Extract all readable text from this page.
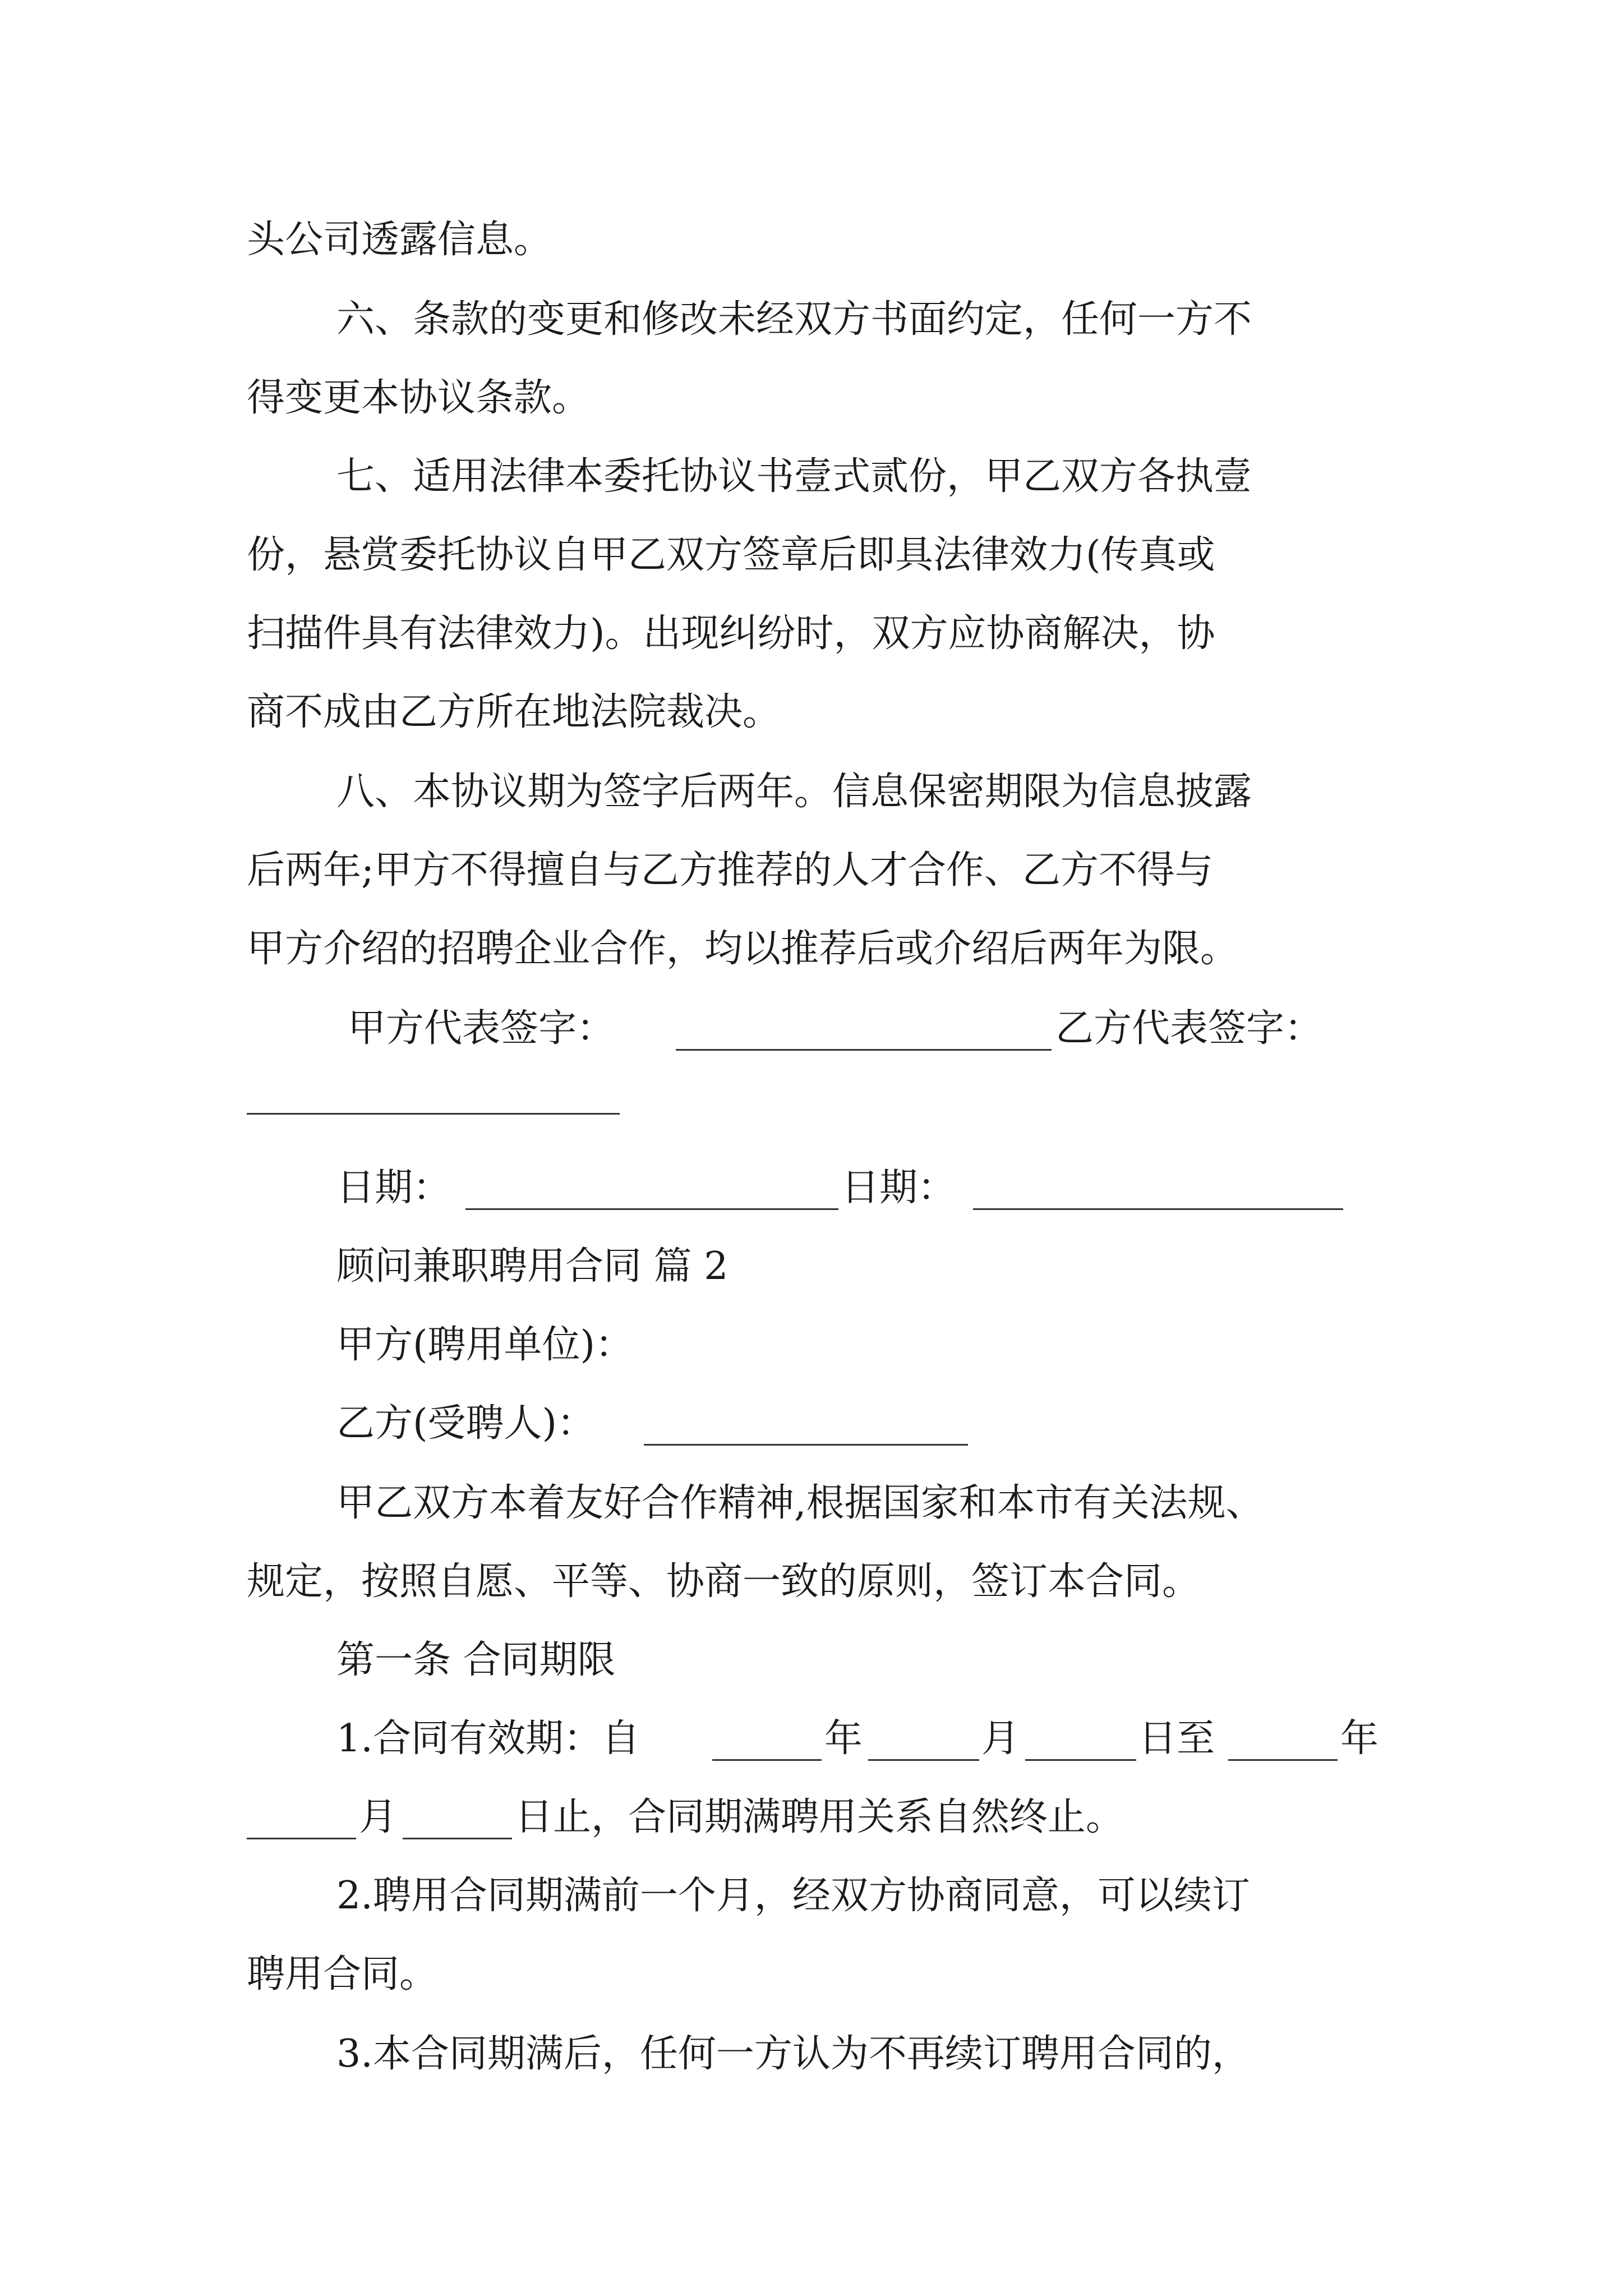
头公司透露信息。
六、条款的变更和修改未经双方书面约定，任何一方不
得变更本协议条款。
七、适用法律本委托协议书壹式贰份，甲乙双方各执壹
份，悬赏委托协议自甲乙双方签章后即具法律效力(传真或
扫描件具有法律效力)。出现纠纷时，双方应协商解决，协
商不成由乙方所在地法院裁决。
八、本协议期为签字后两年。信息保密期限为信息披露
后两年;甲方不得擅自与乙方推荐的人才合作、乙方不得与
甲方介绍的招聘企业合作，均以推荐后或介绍后两年为限。
甲方代表签字：	乙方代表签字：
日期：	日期：
顾问兼职聘用合同 篇 2
甲方(聘用单位)：
乙方(受聘人)：
甲乙双方本着友好合作精神,根据国家和本市有关法规、
规定，按照自愿、平等、协商一致的原则，签订本合同。
第一条 合同期限
1.合同有效期：自	年	月	日至	年
月	日止，
合同期满聘用关系自然终止。
2.聘用合同期满前一个月，经双方协商同意，可以续订
聘用合同。
3.本合同期满后，任何一方认为不再续订聘用合同的，
